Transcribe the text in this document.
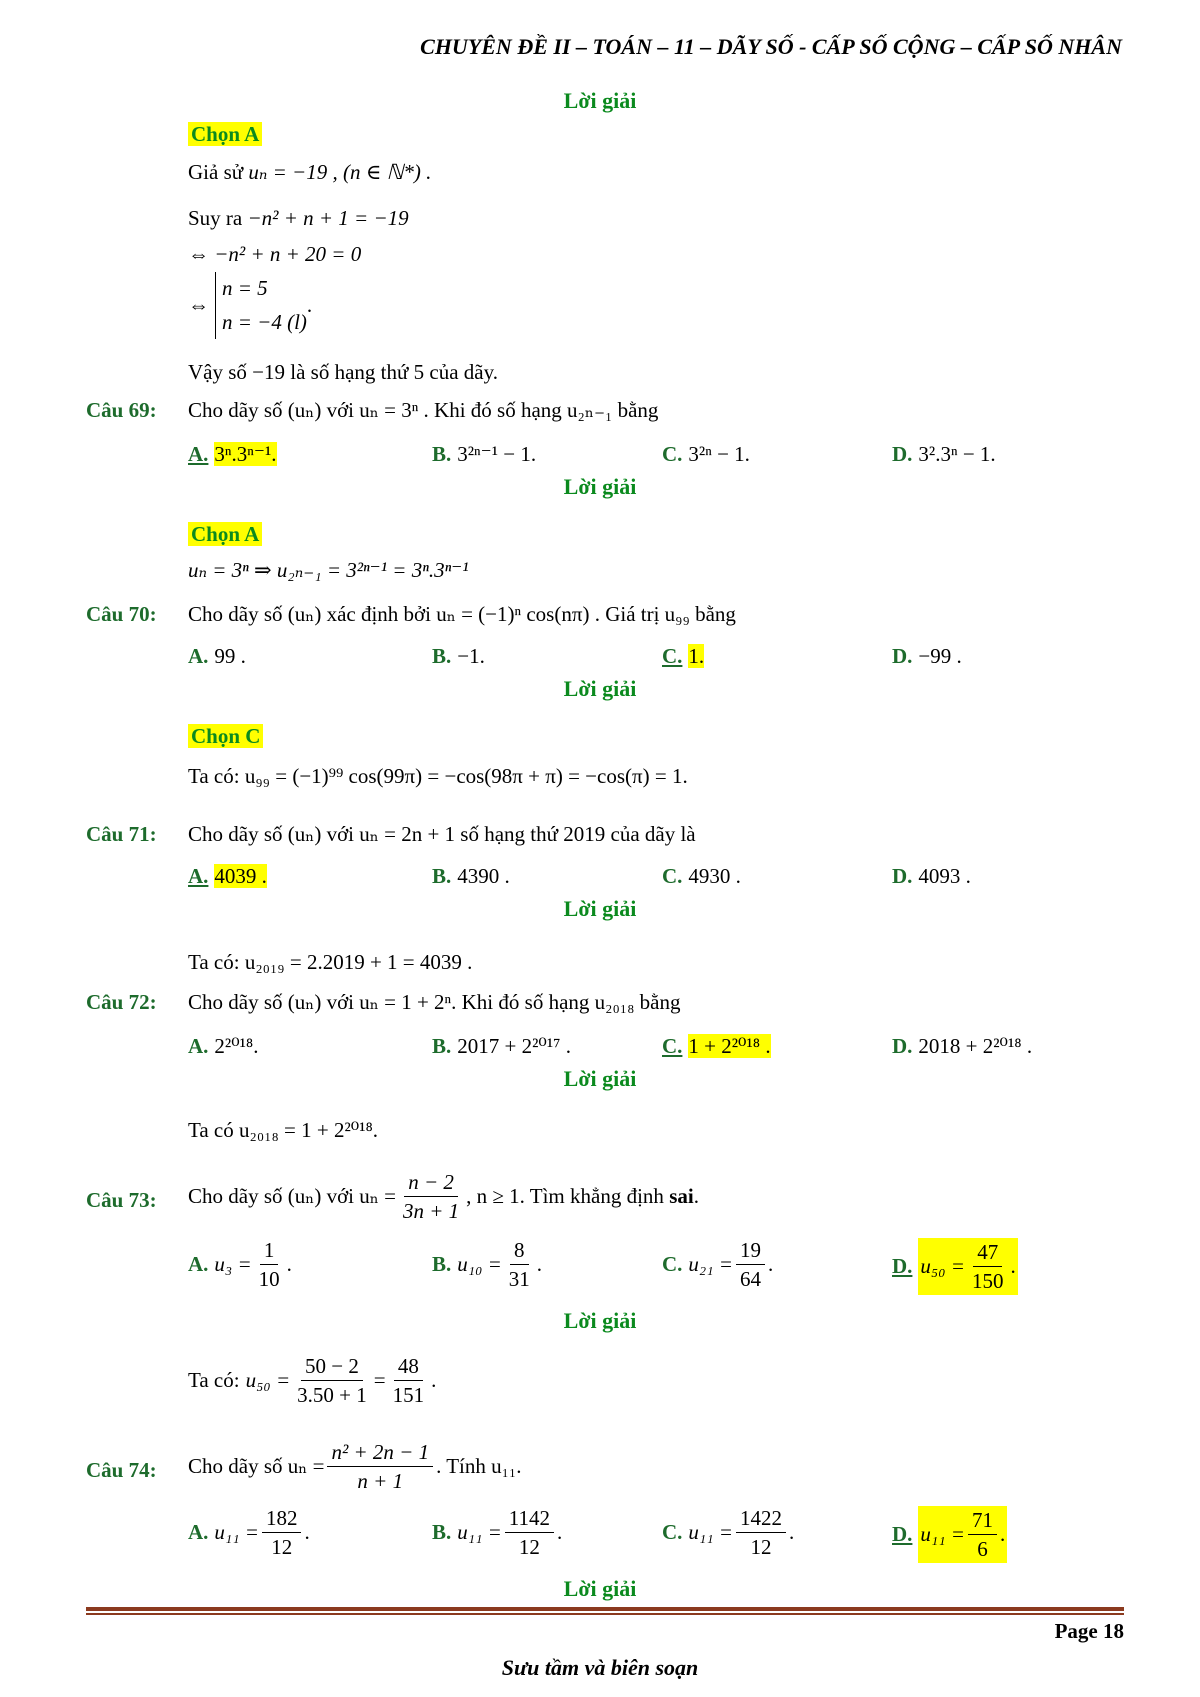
CHUYÊN ĐỀ II – TOÁN – 11 – DÃY SỐ - CẤP SỐ CỘNG – CẤP SỐ NHÂN
Lời giải
Chọn A
Giả sử uₙ = −19 , (n ∈ ℕ*) .
Suy ra −n² + n + 1 = −19
⇔ −n² + n + 20 = 0
⇔
n = 5
n = −4 (l)
.
Vậy số −19 là số hạng thứ 5 của dãy.
Câu 69: Cho dãy số (uₙ) với uₙ = 3ⁿ . Khi đó số hạng u₂ₙ₋₁ bằng
A. 3ⁿ.3ⁿ⁻¹.	B. 3²ⁿ⁻¹ − 1.	C. 3²ⁿ − 1.	D. 3².3ⁿ − 1.
Lời giải
Chọn A
uₙ = 3ⁿ ⇒ u₂ₙ₋₁ = 3²ⁿ⁻¹ = 3ⁿ.3ⁿ⁻¹
Câu 70: Cho dãy số (uₙ) xác định bởi uₙ = (−1)ⁿ cos(nπ) . Giá trị u₉₉ bằng
A. 99 .	B. −1.	C. 1.	D. −99 .
Lời giải
Chọn C
Ta có: u₉₉ = (−1)⁹⁹ cos(99π) = −cos(98π + π) = −cos(π) = 1.
Câu 71: Cho dãy số (uₙ) với uₙ = 2n + 1 số hạng thứ 2019 của dãy là
A. 4039 .	B. 4390 .	C. 4930 .	D. 4093 .
Lời giải
Ta có: u₂₀₁₉ = 2.2019 + 1 = 4039 .
Câu 72: Cho dãy số (uₙ) với uₙ = 1 + 2ⁿ. Khi đó số hạng u₂₀₁₈ bằng
A. 2²⁰¹⁸.	B. 2017 + 2²⁰¹⁷ .	C. 1 + 2²⁰¹⁸ .	D. 2018 + 2²⁰¹⁸ .
Lời giải
Ta có u₂₀₁₈ = 1 + 2²⁰¹⁸.
Câu 73: Cho dãy số (uₙ) với $u_n = \frac{n - 2}{3n + 1}$ , n ≥ 1. Tìm khẳng định
sai .
A. $u_3 = \frac{1}{10}$ .	B. $u_{10} = \frac{8}{31}$ .	C. $u_{21} = \frac{19}{64}$ .	D. $u_{50} = \frac{47}{150}$ .
Lời giải
Ta có: $u_{50} = \frac{50 - 2}{3.50 + 1} = \frac{48}{151}$ .
Câu 74: Cho dãy số $u_n = \frac{\text{n² + 2n − 1}}{n + 1}$ . Tính u₁₁.
A. $u_{11} = \frac{182}{12}$ .	B. $u_{11} = \frac{1142}{12}$ .	C. $u_{11} = \frac{1422}{12}$ .	D. $u_{11} = \frac{71}{6}$ .
Lời giải
Page 18
Sưu tầm và biên soạn
